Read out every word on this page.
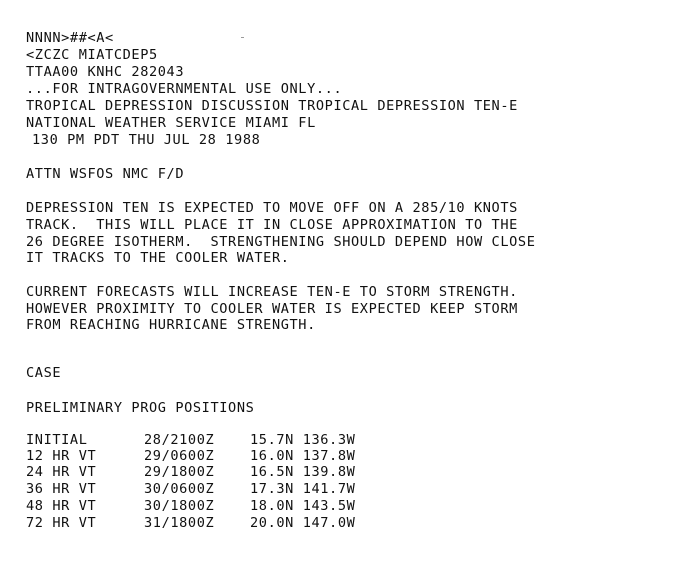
NNNN>##<A<
<ZCZC MIATCDEP5
TTAA00 KNHC 282043
...FOR INTRAGOVERNMENTAL USE ONLY...
TROPICAL DEPRESSION DISCUSSION TROPICAL DEPRESSION TEN-E
NATIONAL WEATHER SERVICE MIAMI FL
130 PM PDT THU JUL 28 1988
ATTN WSFOS NMC F/D
DEPRESSION TEN IS EXPECTED TO MOVE OFF ON A 285/10 KNOTS
TRACK.  THIS WILL PLACE IT IN CLOSE APPROXIMATION TO THE
26 DEGREE ISOTHERM.  STRENGTHENING SHOULD DEPEND HOW CLOSE
IT TRACKS TO THE COOLER WATER.
CURRENT FORECASTS WILL INCREASE TEN-E TO STORM STRENGTH.
HOWEVER PROXIMITY TO COOLER WATER IS EXPECTED KEEP STORM
FROM REACHING HURRICANE STRENGTH.
CASE
PRELIMINARY PROG POSITIONS
INITIAL	28/2100Z	15.7N 136.3W
12 HR VT	29/0600Z	16.0N 137.8W
24 HR VT	29/1800Z	16.5N 139.8W
36 HR VT	30/0600Z	17.3N 141.7W
48 HR VT	30/1800Z	18.0N 143.5W
72 HR VT	31/1800Z	20.0N 147.0W
